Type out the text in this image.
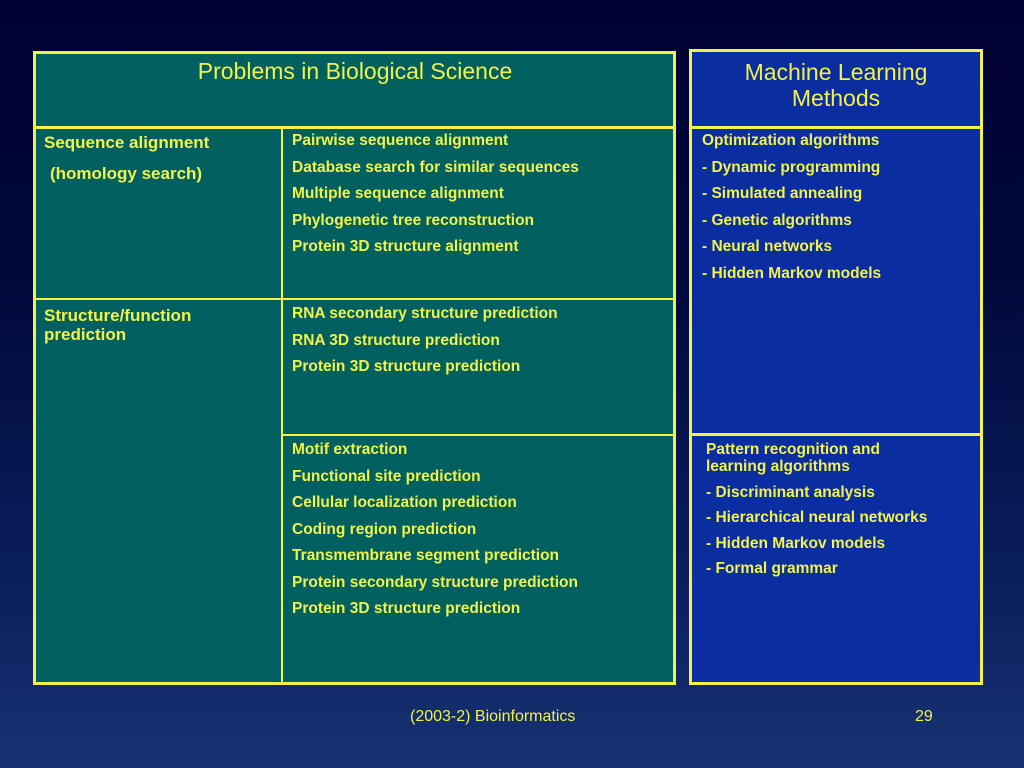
Problems in Biological Science
Sequence alignment
(homology search)
Pairwise sequence alignment
Database search for similar sequences
Multiple sequence alignment
Phylogenetic tree reconstruction
Protein 3D structure alignment
Structure/function prediction
RNA secondary structure prediction
RNA 3D structure prediction
Protein 3D structure prediction
Motif extraction
Functional site prediction
Cellular localization prediction
Coding region prediction
Transmembrane segment prediction
Protein secondary structure prediction
Protein 3D structure prediction
Machine Learning
Methods
Optimization algorithms
- Dynamic programming
- Simulated annealing
- Genetic algorithms
- Neural networks
- Hidden Markov models
Pattern recognition and learning algorithms
- Discriminant analysis
- Hierarchical neural networks
- Hidden Markov models
- Formal grammar
(2003-2) Bioinformatics	29
